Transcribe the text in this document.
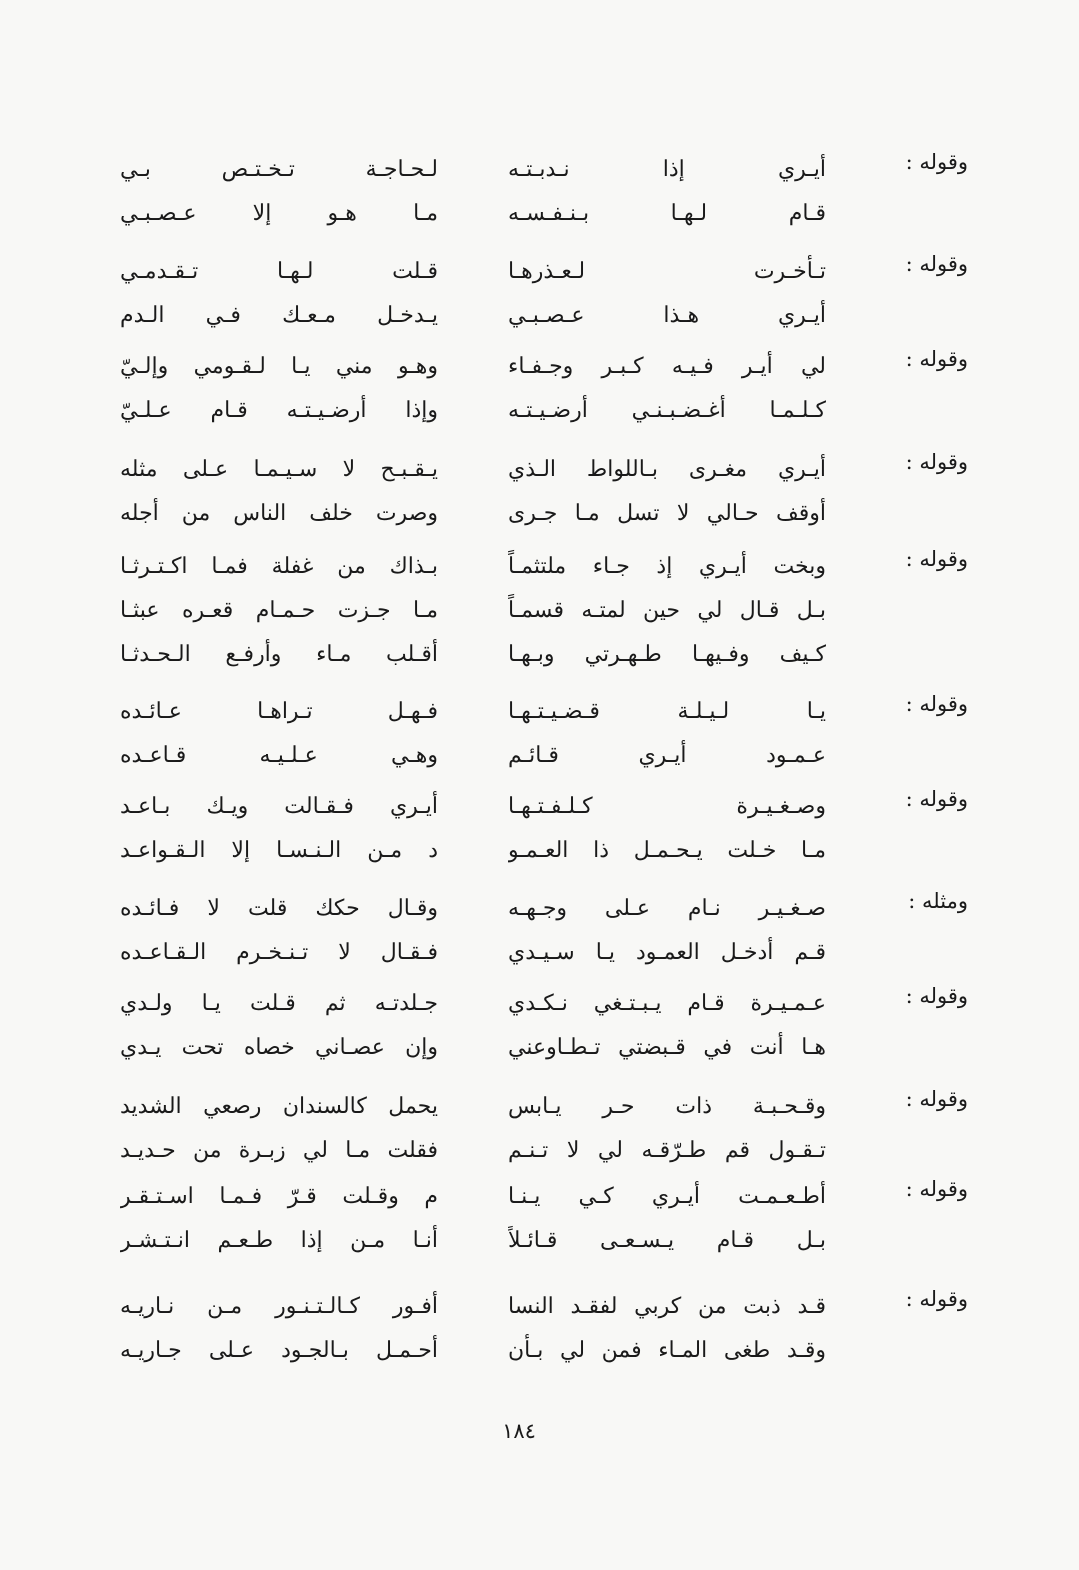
وقوله :
أيـري إذا نـدبـتـه
قـام لـهـا بـنـفـسـه
لـحـاجـة تـخـتـص بـي
مـا هـو إلا عـصـبـي
وقوله :
تـأخـرت لـعـذرهـا
أيـري هـذا عـصـبـي
قـلت لـهـا تـقـدمـي
يـدخـل مـعـك فـي الـدم
وقوله :
لي أيـر فـيـه كـبـر وجـفـاء
كـلـمـا أغـضـبـنـي أرضـيـتـه
وهـو مني يـا لـقـومي وإلـيّ
وإذا أرضـيـتـه قـام عـلـيّ
وقوله :
أيـري مغـرى بـاللواط الـذي
أوقف حـالي لا تسل مـا جـرى
يـقـبـح لا سـيـمـا عـلى مثله
وصرت خلف الناس من أجله
وقوله :
وبخت أيـري إذ جـاء ملتثمـاً
بـل قـال لي حين لمتـه قسمـاً
كـيف وفـيهـا طـهـرتي وبـهـا
بـذاك من غفلة فمـا اكـتـرثـا
مـا جـزت حـمـام قعـره عبثـا
أقـلب مـاء وأرفـع الـحـدثـا
وقوله :
يـا لـيـلـة قـضـيـتـهـا
عـمـود أيـري قـائـم
فـهـل تـراهـا عـائـده
وهـي عـلـيـه قـاعـده
وقوله :
وصـغـيـرة كـلـفـتـهـا
مـا خـلت يـحـمـل ذا العـمـو
أيـري فـقـالت ويـك بـاعـد
د مـن الـنـسـا إلا الـقـواعـد
ومثله :
صـغـيـر نـام عـلى وجـهـه
قـم أدخـل العمـود يـا سـيـدي
وقـال حكك قلت لا فـائـده
فـقـال لا تـنـخـرم الـقـاعـده
وقوله :
عـمـيـرة قـام يـبـتـغي نـكـدي
هـا أنت في قـبضتي تـطـاوعني
جـلدتـه ثم قـلت يـا ولـدي
وإن عصـاني خصاه تحت يـدي
وقوله :
وقـحـبـة ذات حـر يـابس
تـقـول قم طـرّقـه لي لا تـنـم
يحمل كالسندان رصعي الشديد
فقلت مـا لي زبـرة من حـديـد
وقوله :
أطـعـمـت أيـري كـي يـنـا
بـل قـام يـسـعـى قـائـلاً
م وقـلت قـرّ فـمـا اسـتـقـر
أنـا مـن إذا طـعـم انـتـشـر
وقوله :
قـد ذبت من كربي لفقـد النسا
وقـد طغى المـاء فمن لي بـأن
أفـور كـالـتـنـور مـن نـاريـه
أحـمـل بـالجـود عـلى جـاريـه
١٨٤
